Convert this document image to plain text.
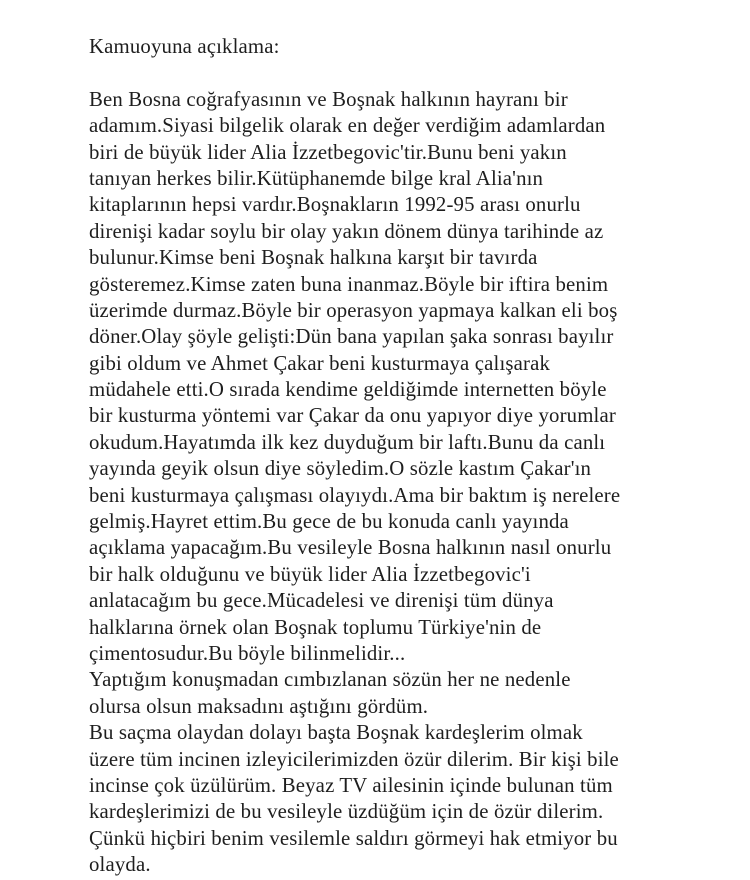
Kamuoyuna açıklama:
Ben Bosna coğrafyasının ve Boşnak halkının hayranı bir
adamım.Siyasi bilgelik olarak en değer verdiğim adamlardan
biri de büyük lider Alia İzzetbegovic'tir.Bunu beni yakın
tanıyan herkes bilir.Kütüphanemde bilge kral Alia'nın
kitaplarının hepsi vardır.Boşnakların 1992-95 arası onurlu
direnişi kadar soylu bir olay yakın dönem dünya tarihinde az
bulunur.Kimse beni Boşnak halkına karşıt bir tavırda
gösteremez.Kimse zaten buna inanmaz.Böyle bir iftira benim
üzerimde durmaz.Böyle bir operasyon yapmaya kalkan eli boş
döner.Olay şöyle gelişti:Dün bana yapılan şaka sonrası bayılır
gibi oldum ve Ahmet Çakar beni kusturmaya çalışarak
müdahele etti.O sırada kendime geldiğimde internetten böyle
bir kusturma yöntemi var Çakar da onu yapıyor diye yorumlar
okudum.Hayatımda ilk kez duyduğum bir laftı.Bunu da canlı
yayında geyik olsun diye söyledim.O sözle kastım Çakar'ın
beni kusturmaya çalışması olayıydı.Ama bir baktım iş nerelere
gelmiş.Hayret ettim.Bu gece de bu konuda canlı yayında
açıklama yapacağım.Bu vesileyle Bosna halkının nasıl onurlu
bir halk olduğunu ve büyük lider Alia İzzetbegovic'i
anlatacağım bu gece.Mücadelesi ve direnişi tüm dünya
halklarına örnek olan Boşnak toplumu Türkiye'nin de
çimentosudur.Bu böyle bilinmelidir...
Yaptığım konuşmadan cımbızlanan sözün her ne nedenle
olursa olsun maksadını aştığını gördüm.
Bu saçma olaydan dolayı başta Boşnak kardeşlerim olmak
üzere tüm incinen izleyicilerimizden özür dilerim. Bir kişi bile
incinse çok üzülürüm. Beyaz TV ailesinin içinde bulunan tüm
kardeşlerimizi de bu vesileyle üzdüğüm için de özür dilerim.
Çünkü hiçbiri benim vesilemle saldırı görmeyi hak etmiyor bu
olayda.
